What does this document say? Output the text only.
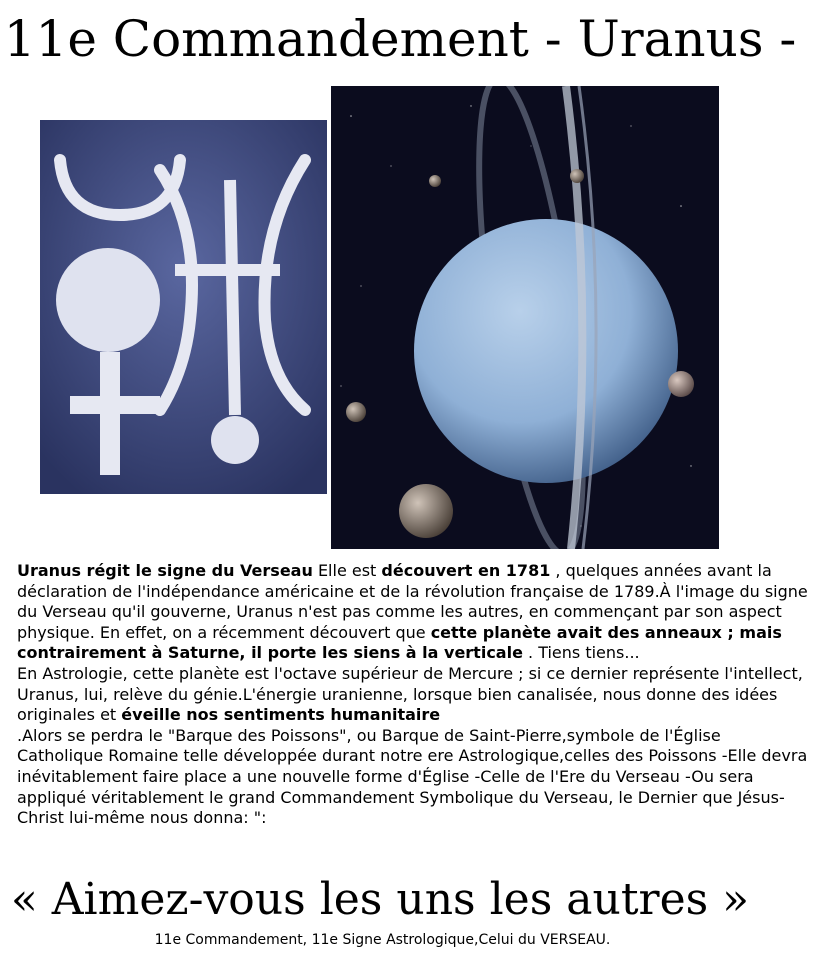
11e Commandement - Uranus -
Uranus régit le signe du Verseau Elle est découvert en 1781 , quelques années avant la déclaration de l'indépendance américaine et de la révolution française de 1789.À l'image du signe du Verseau qu'il gouverne, Uranus n'est pas comme les autres, en commençant par son aspect physique. En effet, on a récemment découvert que cette planète avait des anneaux ; mais contrairement à Saturne, il porte les siens à la verticale . Tiens tiens...
En Astrologie, cette planète est l'octave supérieur de Mercure ; si ce dernier représente l'intellect, Uranus, lui, relève du génie.L'énergie uranienne, lorsque bien canalisée, nous donne des idées originales et éveille nos sentiments humanitaire
.Alors se perdra le "Barque des Poissons", ou Barque de Saint-Pierre,symbole de l'Église Catholique Romaine telle développée durant notre ere Astrologique,celles des Poissons -Elle devra inévitablement faire place a une nouvelle forme d'Église -Celle de l'Ere du Verseau -Ou sera appliqué véritablement le grand Commandement Symbolique du Verseau, le Dernier que Jésus-Christ lui-même nous donna: ":
« Aimez-vous les uns les autres »
11e Commandement, 11e Signe Astrologique,Celui du VERSEAU.
